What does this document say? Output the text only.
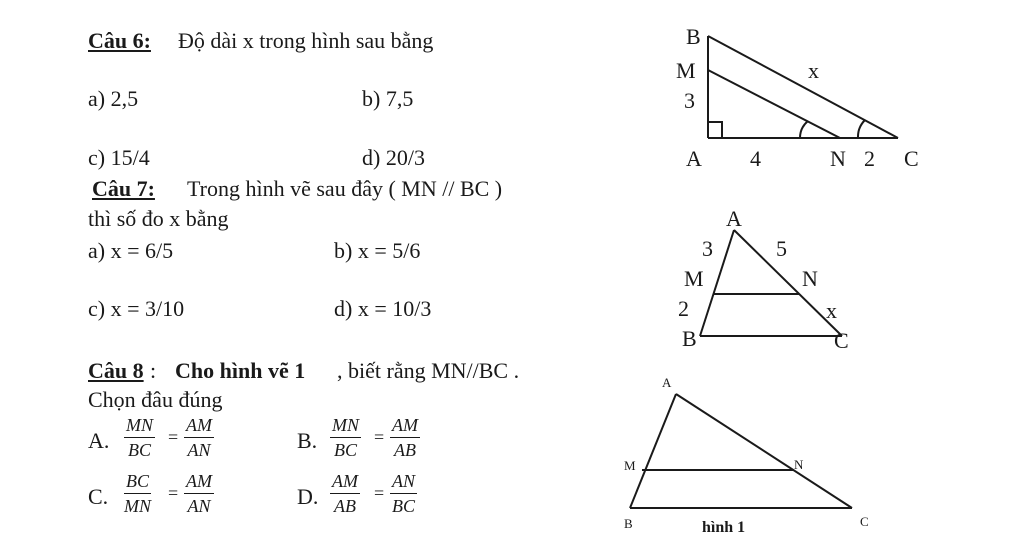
Câu 6: Độ dài x trong hình sau bằng
a) 2,5	b) 7,5
c) 15/4	d) 20/3
Câu 7: Trong hình vẽ sau đây ( MN // BC )
thì số đo x bằng
a) x = 6/5	b) x = 5/6
c) x = 3/10	d) x = 10/3
Câu 8 : Cho hình vẽ 1 , biết rằng MN//BC .
Chọn đâu đúng
A. $\frac{MN}{BC} = \frac{AM}{AN}$	B. $\frac{MN}{BC} = \frac{AM}{AB}$
C. $\frac{BC}{MN} = \frac{AM}{AN}$	D. $\frac{AM}{AB} = \frac{AN}{BC}$
B
M
3
x
A 4	N 2 C
A
3	5
M	N
2	x
B	C
A
M	N
B	C
hình 1
